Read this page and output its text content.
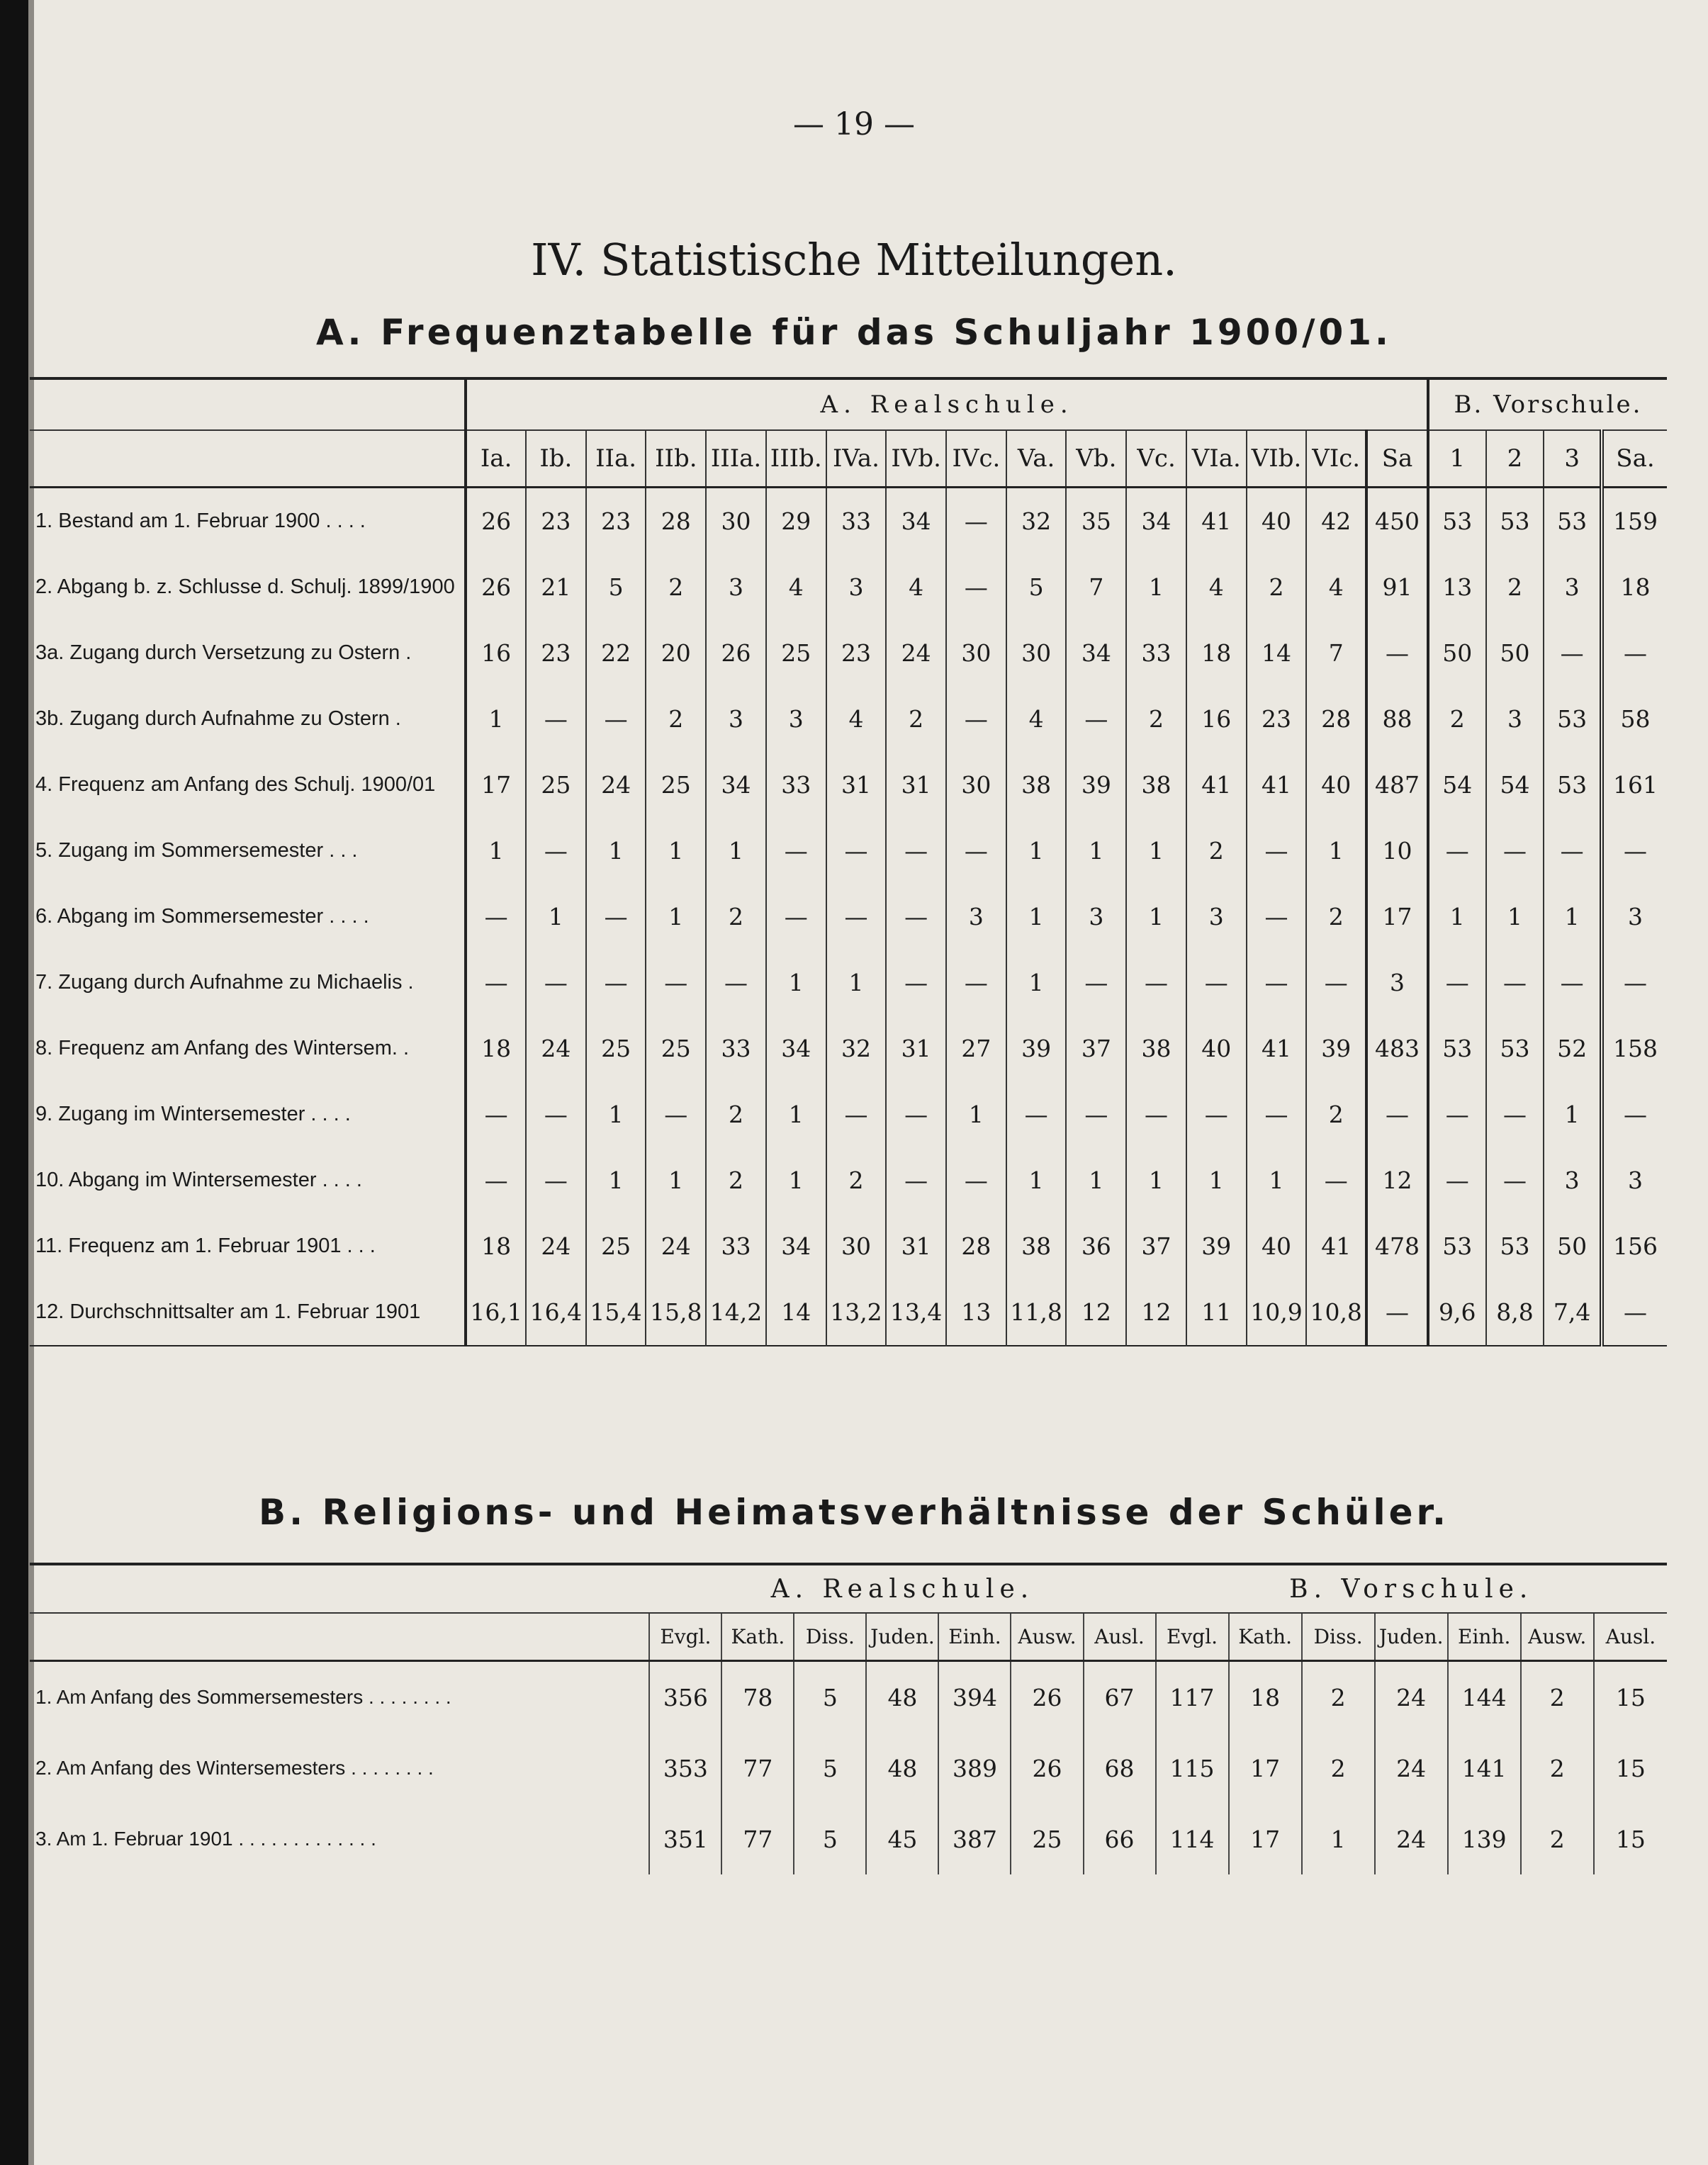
— 19 —
IV. Statistische Mitteilungen.
A. Frequenztabelle für das Schuljahr 1900/01.
	A. Realschule.																B. Vorschule.			
	Ia.	Ib.	IIa.	IIb.	IIIa.	IIIb.	IVa.	IVb.	IVc.	Va.	Vb.	Vc.	VIa.	VIb.	VIc.	Sa	1	2	3	Sa.
1. Bestand am 1. Februar 1900 . . . .	26	23	23	28	30	29	33	34	—	32	35	34	41	40	42	450	53	53	53	159
2. Abgang b. z. Schlusse d. Schulj. 1899/1900	26	21	5	2	3	4	3	4	—	5	7	1	4	2	4	91	13	2	3	18
3a. Zugang durch Versetzung zu Ostern .	16	23	22	20	26	25	23	24	30	30	34	33	18	14	7	—	50	50	—	—
3b. Zugang durch Aufnahme zu Ostern .	1	—	—	2	3	3	4	2	—	4	—	2	16	23	28	88	2	3	53	58
4. Frequenz am Anfang des Schulj. 1900/01	17	25	24	25	34	33	31	31	30	38	39	38	41	41	40	487	54	54	53	161
5. Zugang im Sommersemester . . .	1	—	1	1	1	—	—	—	—	1	1	1	2	—	1	10	—	—	—	—
6. Abgang im Sommersemester . . . .	—	1	—	1	2	—	—	—	3	1	3	1	3	—	2	17	1	1	1	3
7. Zugang durch Aufnahme zu Michaelis .	—	—	—	—	—	1	1	—	—	1	—	—	—	—	—	3	—	—	—	—
8. Frequenz am Anfang des Wintersem. .	18	24	25	25	33	34	32	31	27	39	37	38	40	41	39	483	53	53	52	158
9. Zugang im Wintersemester . . . .	—	—	1	—	2	1	—	—	1	—	—	—	—	—	2	—	—	—	1	—
10. Abgang im Wintersemester . . . .	—	—	1	1	2	1	2	—	—	1	1	1	1	1	—	12	—	—	3	3
11. Frequenz am 1. Februar 1901 . . .	18	24	25	24	33	34	30	31	28	38	36	37	39	40	41	478	53	53	50	156
12. Durchschnittsalter am 1. Februar 1901	16,1	16,4	15,4	15,8	14,2	14	13,2	13,4	13	11,8	12	12	11	10,9	10,8	—	9,6	8,8	7,4	—
B. Religions- und Heimatsverhältnisse der Schüler.
	A. Realschule.							B. Vorschule.						
	Evgl.	Kath.	Diss.	Juden.	Einh.	Ausw.	Ausl.	Evgl.	Kath.	Diss.	Juden.	Einh.	Ausw.	Ausl.
1. Am Anfang des Sommersemesters . . . . . . . .	356	78	5	48	394	26	67	117	18	2	24	144	2	15
2. Am Anfang des Wintersemesters . . . . . . . .	353	77	5	48	389	26	68	115	17	2	24	141	2	15
3. Am 1. Februar 1901 . . . . . . . . . . . . .	351	77	5	45	387	25	66	114	17	1	24	139	2	15
